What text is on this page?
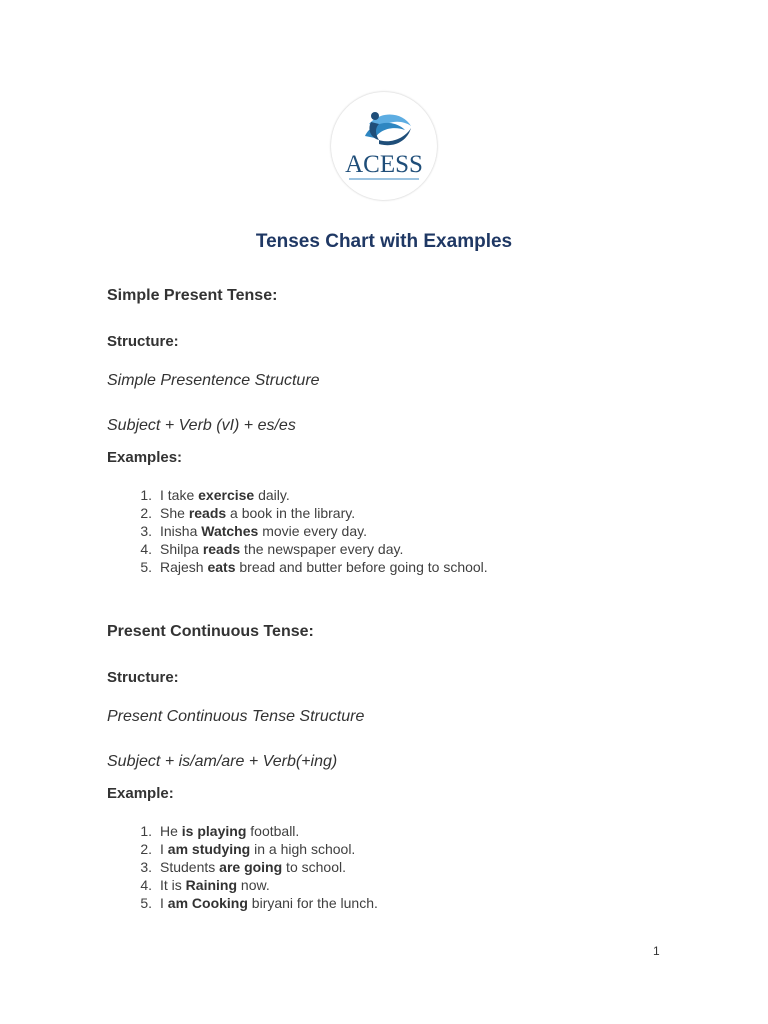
ACESS
Tenses Chart with Examples
Simple Present Tense:
Structure:
Simple Presentence Structure
Subject + Verb (vI) + es/es
Examples:
1. I take exercise daily.
2. She reads a book in the library.
3. Inisha Watches movie every day.
4. Shilpa reads the newspaper every day.
5. Rajesh eats bread and butter before going to school.
Present Continuous Tense:
Structure:
Present Continuous Tense Structure
Subject + is/am/are + Verb(+ing)
Example:
1. He is playing football.
2. I am studying in a high school.
3. Students are going to school.
4. It is Raining now.
5. I am Cooking biryani for the lunch.
1
